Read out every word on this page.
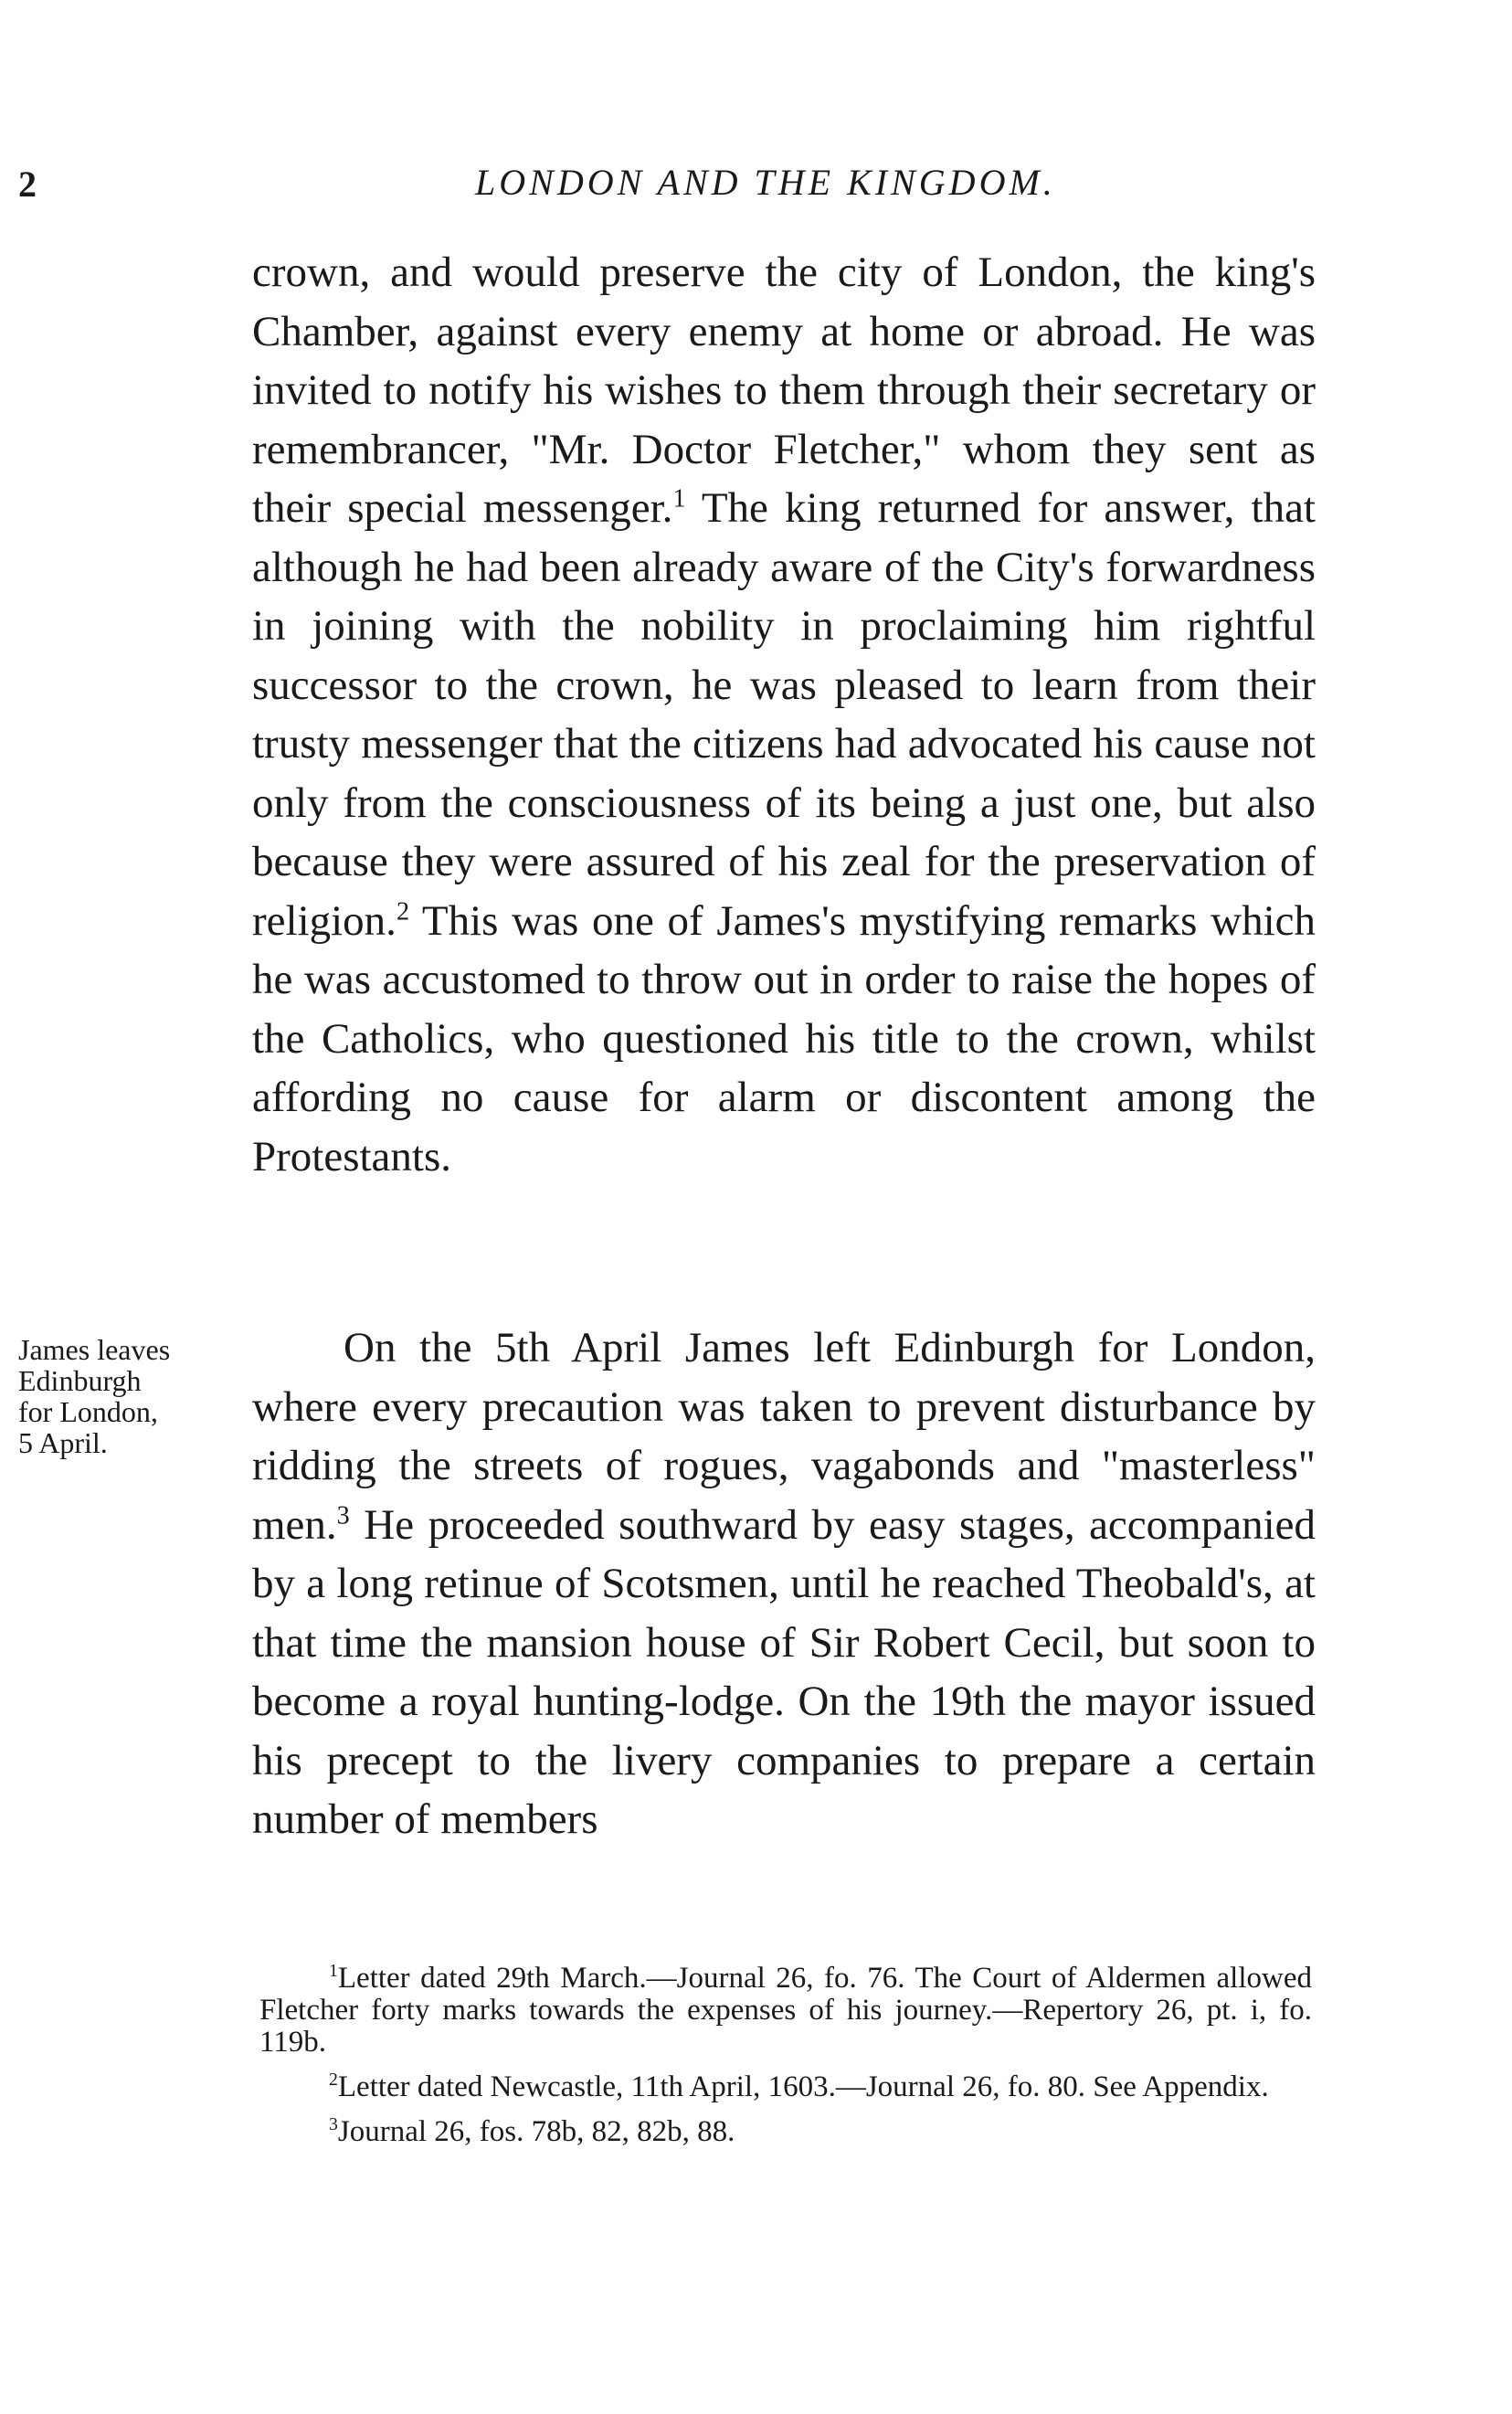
2	LONDON AND THE KINGDOM.

crown, and would preserve the city of London, the king's Chamber, against every enemy at home or abroad. He was invited to notify his wishes to them through their secretary or remembrancer, "Mr. Doctor Fletcher," whom they sent as their special messenger.$^1$ The king returned for answer, that although he had been already aware of the City's forwardness in joining with the nobility in proclaiming him rightful successor to the crown, he was pleased to learn from their trusty messenger that the citizens had advocated his cause not only from the consciousness of its being a just one, but also because they were assured of his zeal for the preservation of religion.$^2$ This was one of James's mystifying remarks which he was accustomed to throw out in order to raise the hopes of the Catholics, who questioned his title to the crown, whilst affording no cause for alarm or discontent among the Protestants.

James leaves
Edinburgh
for London,
5 April.

On the 5th April James left Edinburgh for London, where every precaution was taken to prevent disturbance by ridding the streets of rogues, vagabonds and "masterless" men.$^3$ He proceeded southward by easy stages, accompanied by a long retinue of Scotsmen, until he reached Theobald's, at that time the mansion house of Sir Robert Cecil, but soon to become a royal hunting-lodge. On the 19th the mayor issued his precept to the livery companies to prepare a certain number of members

$^1$Letter dated 29th March.—Journal 26, fo. 76. The Court of Aldermen allowed Fletcher forty marks towards the expenses of his journey.—Repertory 26, pt. i, fo. 119b.

$^2$Letter dated Newcastle, 11th April, 1603.—Journal 26, fo. 80. See Appendix.

$^3$Journal 26, fos. 78b, 82, 82b, 88.
